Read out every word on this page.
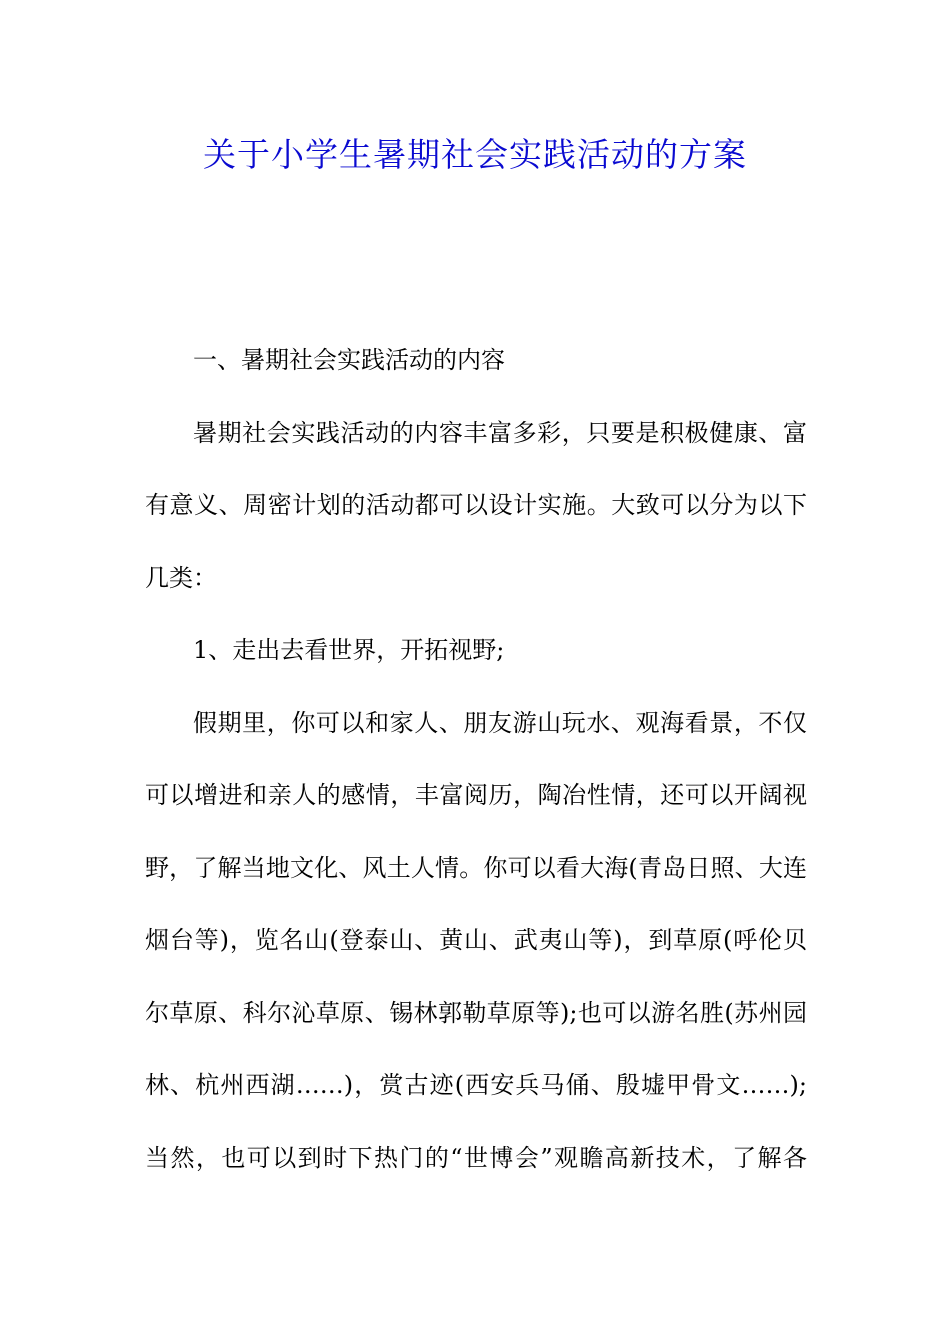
关于小学生暑期社会实践活动的方案
一、暑期社会实践活动的内容
暑期社会实践活动的内容丰富多彩，只要是积极健康、富
有意义、周密计划的活动都可以设计实施。大致可以分为以下
几类：
1、走出去看世界，开拓视野;
假期里，你可以和家人、朋友游山玩水、观海看景，不仅
可以增进和亲人的感情，丰富阅历，陶冶性情，还可以开阔视
野，了解当地文化、风土人情。你可以看大海(青岛日照、大连
烟台等)，览名山(登泰山、黄山、武夷山等)，到草原(呼伦贝
尔草原、科尔沁草原、锡林郭勒草原等);也可以游名胜(苏州园
林、杭州西湖……)，赏古迹(西安兵马俑、殷墟甲骨文……);
当然，也可以到时下热门的“世博会”观瞻高新技术，了解各
